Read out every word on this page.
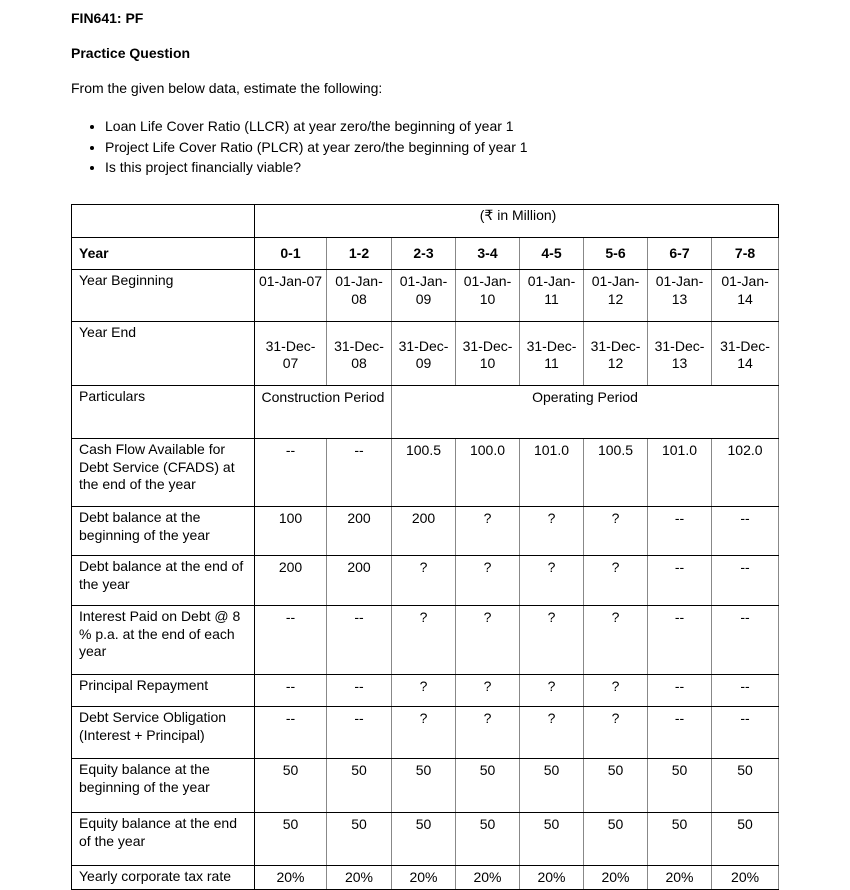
FIN641: PF
Practice Question
From the given below data, estimate the following:
• Loan Life Cover Ratio (LLCR) at year zero/the beginning of year 1
• Project Life Cover Ratio (PLCR) at year zero/the beginning of year 1
• Is this project financially viable?
	(₹ in Million)							
Year	0-1	1-2	2-3	3-4	4-5	5-6	6-7	7-8
Year Beginning	01-Jan-07	01-Jan-08	01-Jan-09	01-Jan-10	01-Jan-11	01-Jan-12	01-Jan-13	01-Jan-14
Year End	31-Dec-07	31-Dec-08	31-Dec-09	31-Dec-10	31-Dec-11	31-Dec-12	31-Dec-13	31-Dec-14
Particulars	Construction Period		Operating Period					
Cash Flow Available for Debt Service (CFADS) at the end of the year	--	--	100.5	100.0	101.0	100.5	101.0	102.0
Debt balance at the beginning of the year	100	200	200	?	?	?	--	--
Debt balance at the end of the year	200	200	?	?	?	?	--	--
Interest Paid on Debt @ 8 % p.a. at the end of each year	--	--	?	?	?	?	--	--
Principal Repayment	--	--	?	?	?	?	--	--
Debt Service Obligation (Interest + Principal)	--	--	?	?	?	?	--	--
Equity balance at the beginning of the year	50	50	50	50	50	50	50	50
Equity balance at the end of the year	50	50	50	50	50	50	50	50
Yearly corporate tax rate	20%	20%	20%	20%	20%	20%	20%	20%
